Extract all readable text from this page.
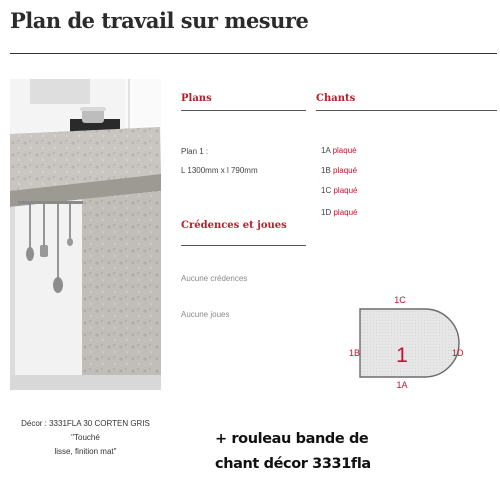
Plan de travail sur mesure
Décor : 3331FLA 30 CORTEN GRIS "Touché
lisse, finition mat"
Plans
Plan 1 :
L 1300mm x l 790mm
Chants
1A plaqué
1B plaqué
1C plaqué
1D plaqué
Crédences et joues
Aucune crédences
Aucune joues
1
1C
1B	1D
1A
+ rouleau bande de
chant décor 3331fla
